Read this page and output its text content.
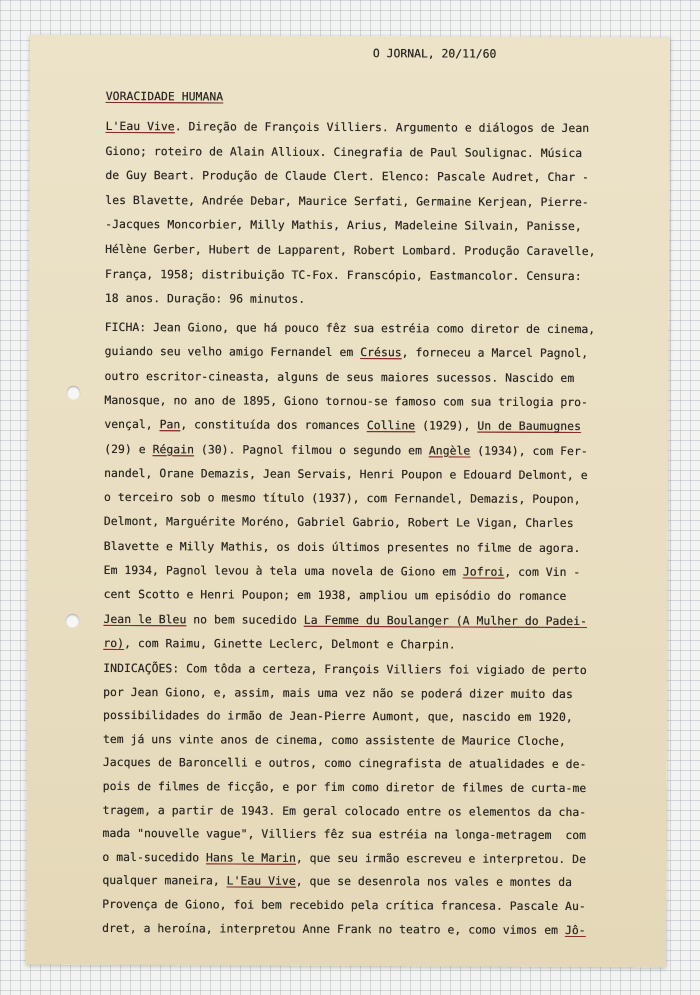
O JORNAL, 20/11/60
VORACIDADE HUMANA
L'Eau Vive. Direção de François Villiers. Argumento e diálogos de Jean
Giono; roteiro de Alain Allioux. Cinegrafia de Paul Soulignac. Música
de Guy Beart. Produção de Claude Clert. Elenco: Pascale Audret, Char -
les Blavette, Andrée Debar, Maurice Serfati, Germaine Kerjean, Pierre-
-Jacques Moncorbier, Milly Mathis, Arius, Madeleine Silvain, Panisse,
Hélène Gerber, Hubert de Lapparent, Robert Lombard. Produção Caravelle,
França, 1958; distribuição TC-Fox. Franscópio, Eastmancolor. Censura:
18 anos. Duração: 96 minutos.
FICHA: Jean Giono, que há pouco fêz sua estréia como diretor de cinema,
guiando seu velho amigo Fernandel em Crésus, forneceu a Marcel Pagnol,
outro escritor-cineasta, alguns de seus maiores sucessos. Nascido em
Manosque, no ano de 1895, Giono tornou-se famoso com sua trilogia pro-
vençal, Pan, constituída dos romances Colline (1929), Un de Baumugnes
(29) e Régain (30). Pagnol filmou o segundo em Angèle (1934), com Fer-
nandel, Orane Demazis, Jean Servais, Henri Poupon e Edouard Delmont, e
o terceiro sob o mesmo título (1937), com Fernandel, Demazis, Poupon,
Delmont, Marguérite Moréno, Gabriel Gabrio, Robert Le Vigan, Charles
Blavette e Milly Mathis, os dois últimos presentes no filme de agora.
Em 1934, Pagnol levou à tela uma novela de Giono em Jofroi, com Vin -
cent Scotto e Henri Poupon; em 1938, ampliou um episódio do romance
Jean le Bleu no bem sucedido La Femme du Boulanger (A Mulher do Padei-
ro), com Raimu, Ginette Leclerc, Delmont e Charpin.
INDICAÇÕES: Com tôda a certeza, François Villiers foi vigiado de perto
por Jean Giono, e, assim, mais uma vez não se poderá dizer muito das
possibilidades do irmão de Jean-Pierre Aumont, que, nascido em 1920,
tem já uns vinte anos de cinema, como assistente de Maurice Cloche,
Jacques de Baroncelli e outros, como cinegrafista de atualidades e de-
pois de filmes de ficção, e por fim como diretor de filmes de curta-me
tragem, a partir de 1943. Em geral colocado entre os elementos da cha-
mada "nouvelle vague", Villiers fêz sua estréia na longa-metragem  com
o mal-sucedido Hans le Marin, que seu irmão escreveu e interpretou. De
qualquer maneira, L'Eau Vive, que se desenrola nos vales e montes da
Provença de Giono, foi bem recebido pela crítica francesa. Pascale Au-
dret, a heroína, interpretou Anne Frank no teatro e, como vimos em Jô-
